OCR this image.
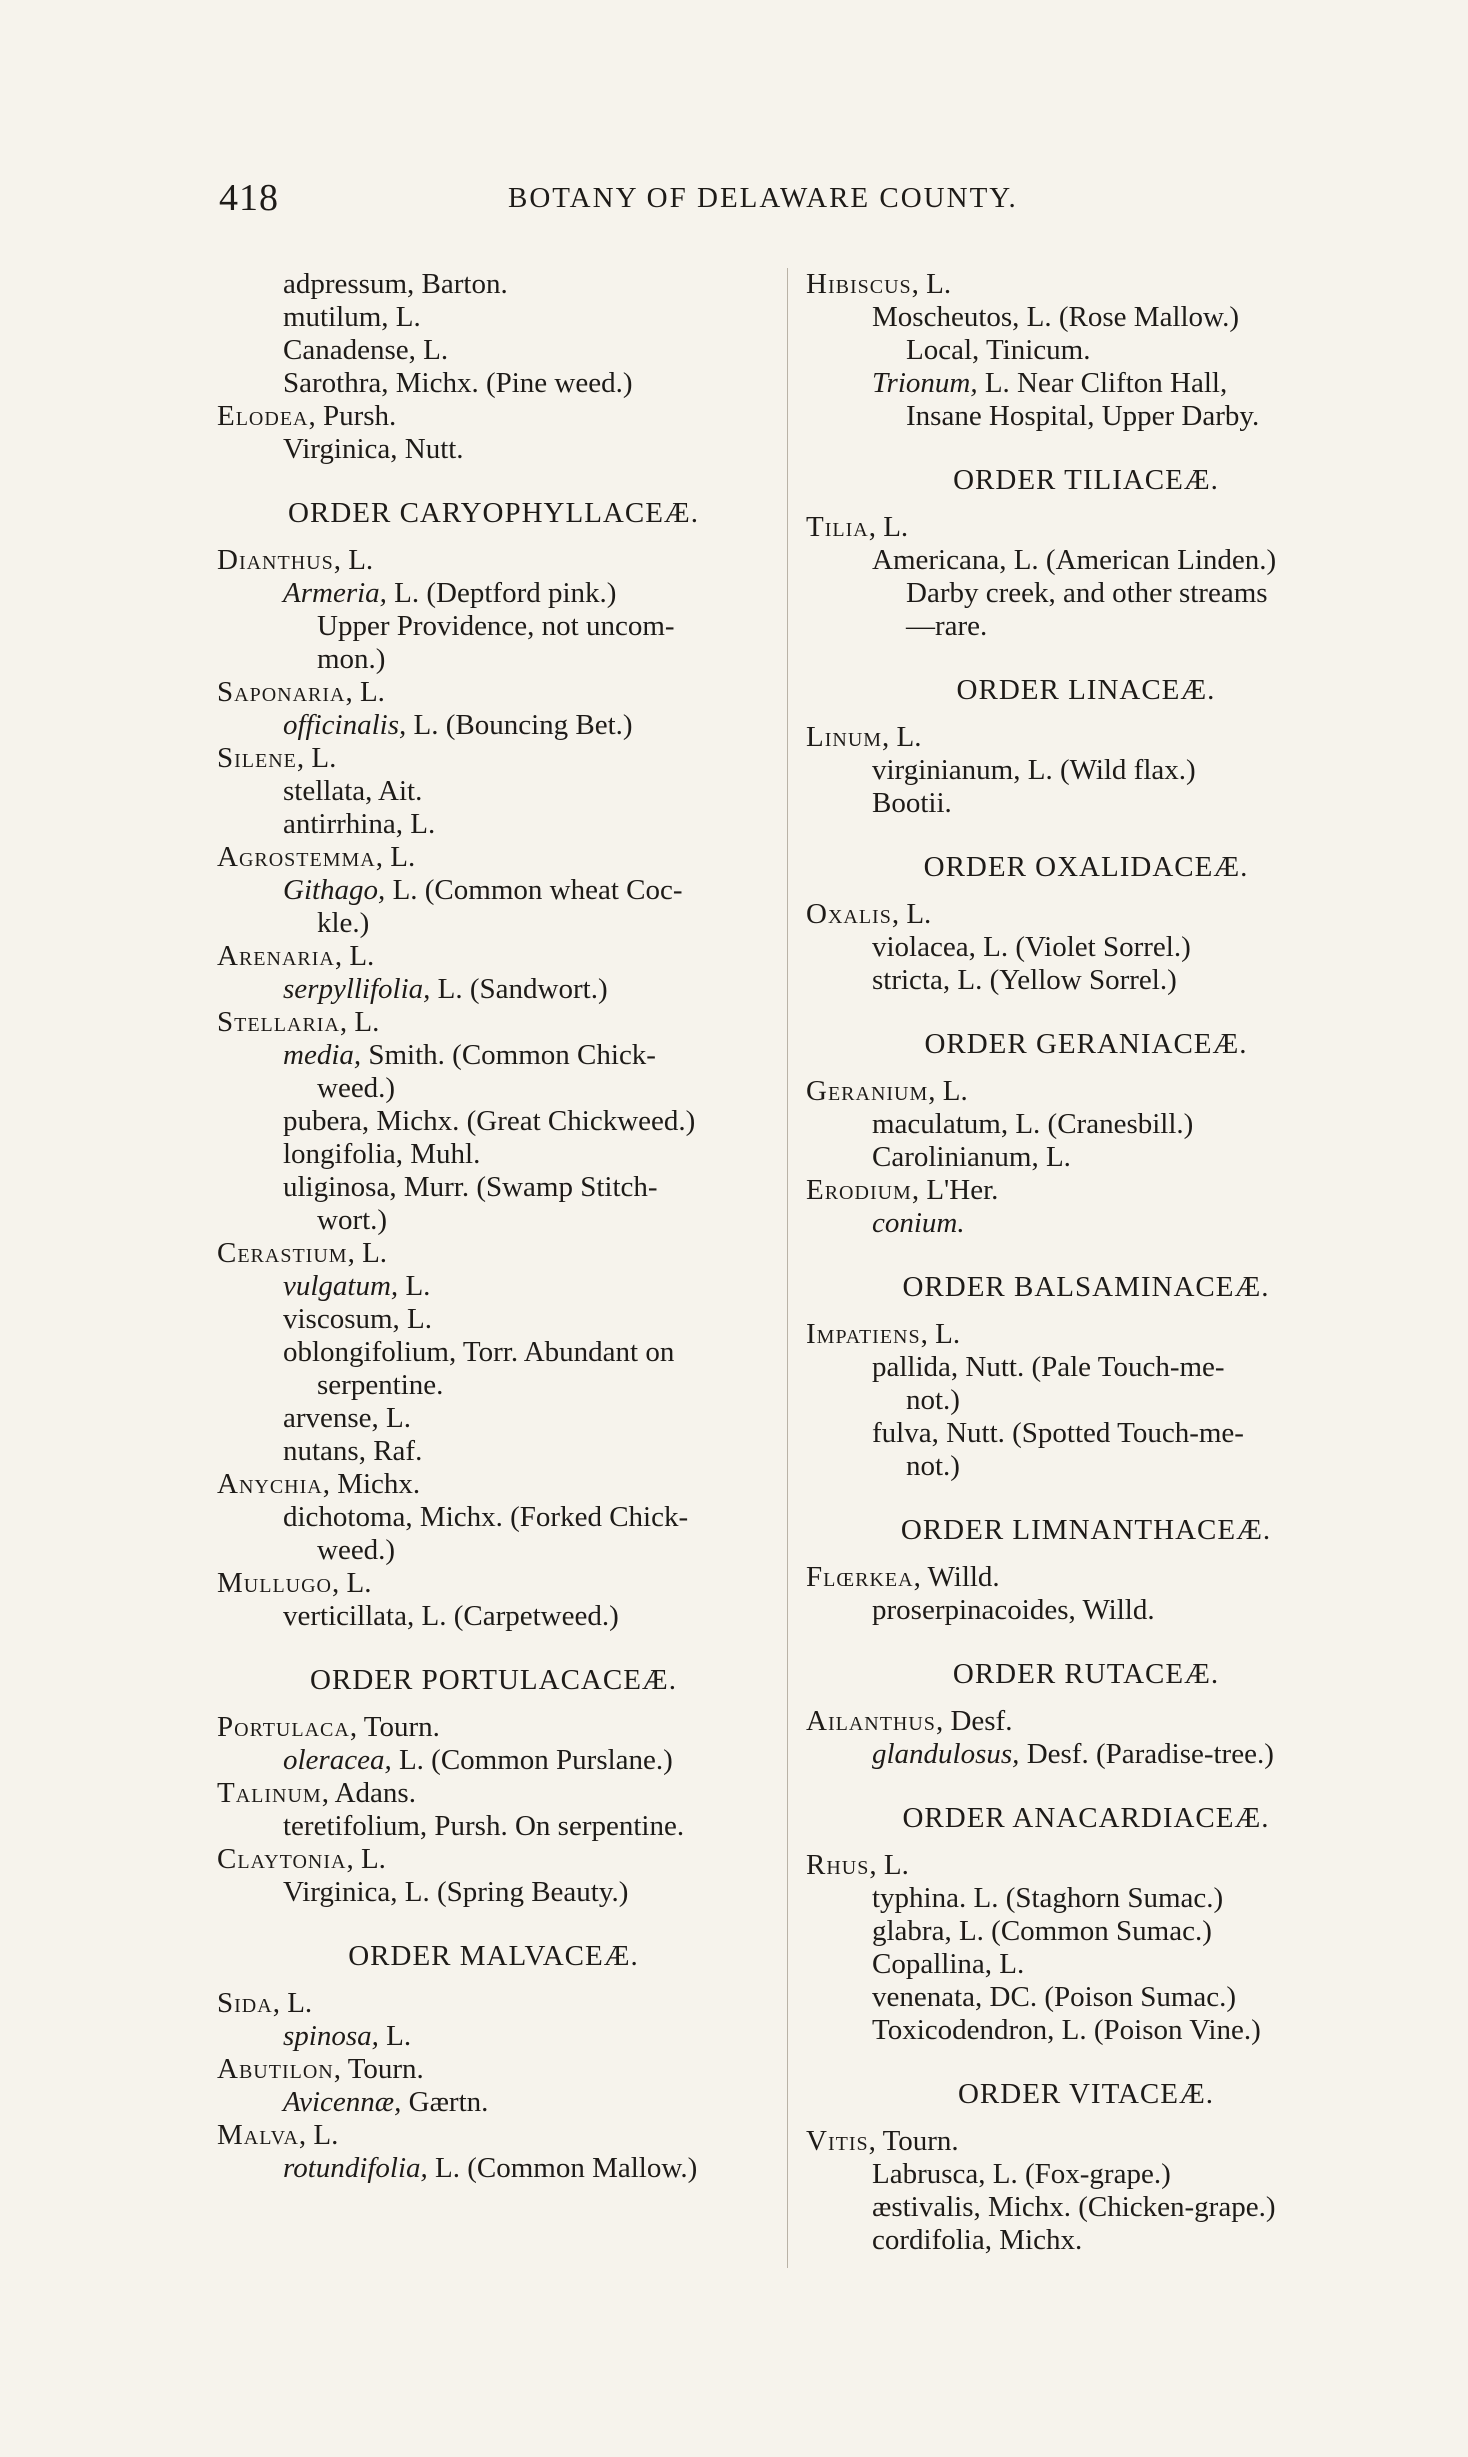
418	BOTANY OF DELAWARE COUNTY.
adpressum, Barton.
mutilum, L.
Canadense, L.
Sarothra, Michx. (Pine weed.)
Elodea, Pursh.
Virginica, Nutt.
ORDER CARYOPHYLLACEÆ.
Dianthus, L.
Armeria, L. (Deptford pink.)
Upper Providence, not uncom-
mon.)
Saponaria, L.
officinalis, L. (Bouncing Bet.)
Silene, L.
stellata, Ait.
antirrhina, L.
Agrostemma, L.
Githago, L. (Common wheat Coc-
kle.)
Arenaria, L.
serpyllifolia, L. (Sandwort.)
Stellaria, L.
media, Smith. (Common Chick-
weed.)
pubera, Michx. (Great Chickweed.)
longifolia, Muhl.
uliginosa, Murr. (Swamp Stitch-
wort.)
Cerastium, L.
vulgatum, L.
viscosum, L.
oblongifolium, Torr. Abundant on
serpentine.
arvense, L.
nutans, Raf.
Anychia, Michx.
dichotoma, Michx. (Forked Chick-
weed.)
Mullugo, L.
verticillata, L. (Carpetweed.)
ORDER PORTULACACEÆ.
Portulaca, Tourn.
oleracea, L. (Common Purslane.)
Talinum, Adans.
teretifolium, Pursh. On serpentine.
Claytonia, L.
Virginica, L. (Spring Beauty.)
ORDER MALVACEÆ.
Sida, L.
spinosa, L.
Abutilon, Tourn.
Avicennæ, Gærtn.
Malva, L.
rotundifolia, L. (Common Mallow.)
Hibiscus, L.
Moscheutos, L. (Rose Mallow.)
Local, Tinicum.
Trionum, L. Near Clifton Hall,
Insane Hospital, Upper Darby.
ORDER TILIACEÆ.
Tilia, L.
Americana, L. (American Linden.)
Darby creek, and other streams
—rare.
ORDER LINACEÆ.
Linum, L.
virginianum, L. (Wild flax.)
Bootii.
ORDER OXALIDACEÆ.
Oxalis, L.
violacea, L. (Violet Sorrel.)
stricta, L. (Yellow Sorrel.)
ORDER GERANIACEÆ.
Geranium, L.
maculatum, L. (Cranesbill.)
Carolinianum, L.
Erodium, L'Her.
conium.
ORDER BALSAMINACEÆ.
Impatiens, L.
pallida, Nutt. (Pale Touch-me-
not.)
fulva, Nutt. (Spotted Touch-me-
not.)
ORDER LIMNANTHACEÆ.
Flœrkea, Willd.
proserpinacoides, Willd.
ORDER RUTACEÆ.
Ailanthus, Desf.
glandulosus, Desf. (Paradise-tree.)
ORDER ANACARDIACEÆ.
Rhus, L.
typhina. L. (Staghorn Sumac.)
glabra, L. (Common Sumac.)
Copallina, L.
venenata, DC. (Poison Sumac.)
Toxicodendron, L. (Poison Vine.)
ORDER VITACEÆ.
Vitis, Tourn.
Labrusca, L. (Fox-grape.)
æstivalis, Michx. (Chicken-grape.)
cordifolia, Michx.
